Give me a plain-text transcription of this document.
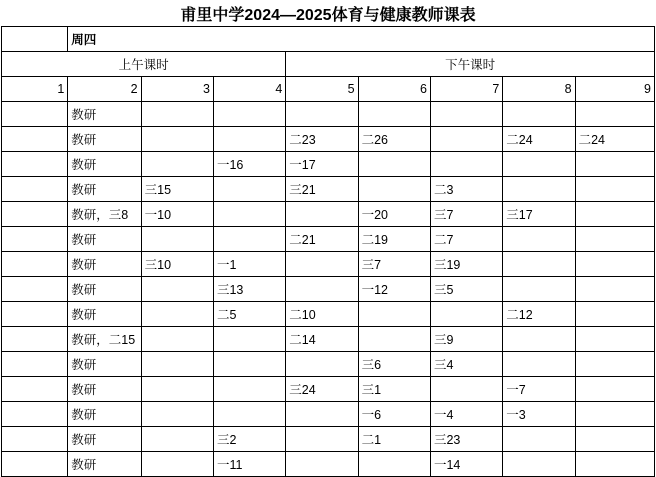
甫里中学2024—2025体育与健康教师课表
	周四							
上午课时				下午课时				
1	2	3	4	5	6	7	8	9
	教研							
	教研			二23	二26		二24	二24
	教研		一16	一17				
	教研	三15		三21		二3		
	教研，三8	一10			一20	三7	三17	
	教研			二21	二19	二7		
	教研	三10	一1		三7	三19		
	教研		三13		一12	三5		
	教研		二5	二10			二12	
	教研，二15			二14		三9		
	教研				三6	三4		
	教研			三24	三1		一7	
	教研				一6	一4	一3	
	教研		三2		二1	三23		
	教研		一11			一14		
